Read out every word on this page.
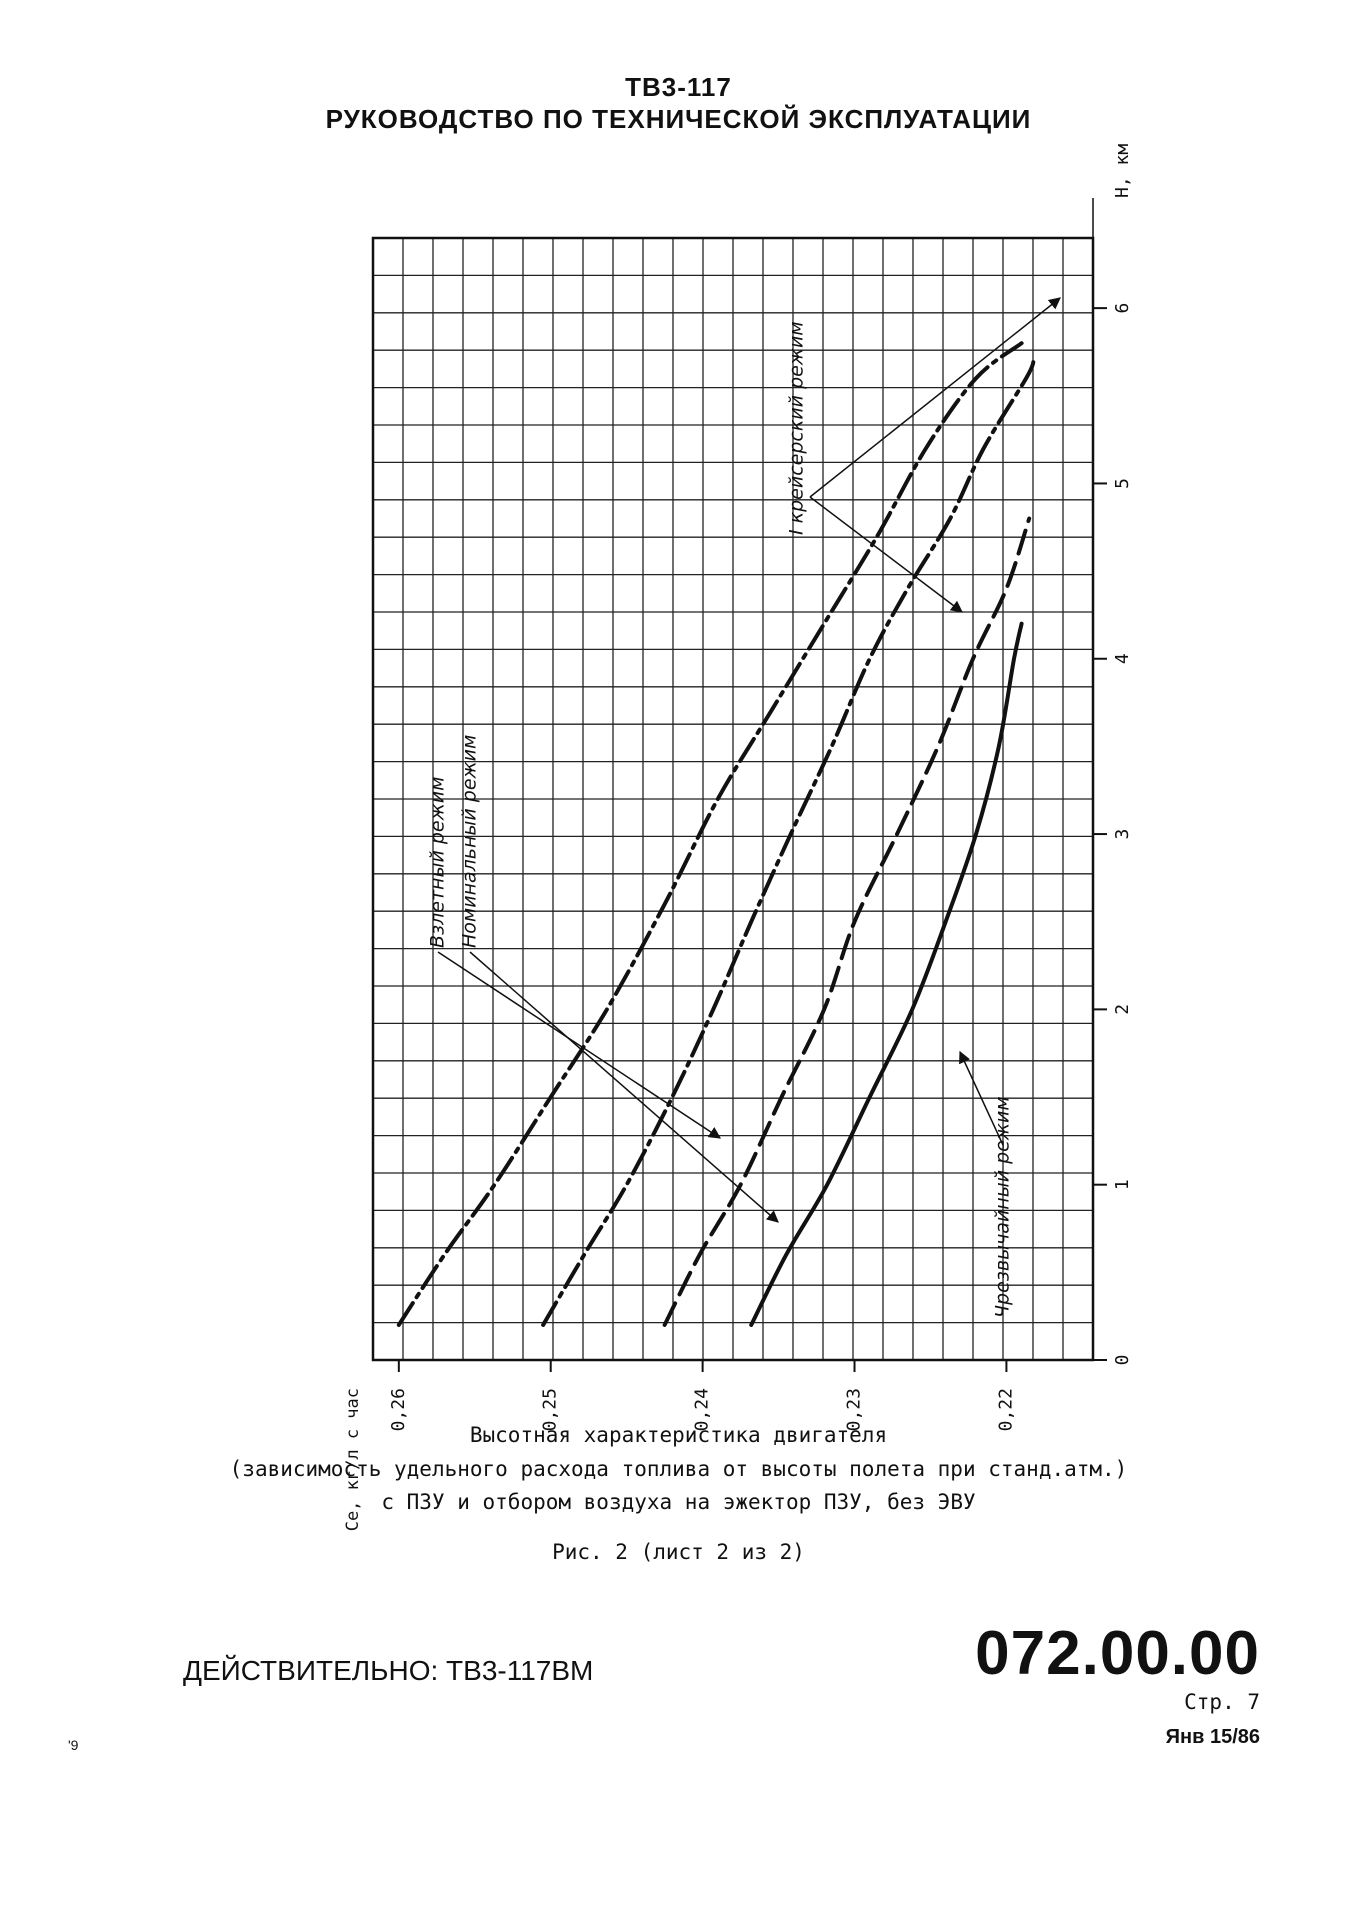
ТВ3-117
РУКОВОДСТВО ПО ТЕХНИЧЕСКОЙ ЭКСПЛУАТАЦИИ
0,26	0,25	0,24	0,23	0,22
Ce, кг/л с час
0
1
2
3
4
5
6
H, км
Взлетный режим Номинальный режим
I крейсерский режим
Чрезвычайный режим
Высотная характеристика двигателя
(зависимость удельного расхода топлива от высоты полета при станд.атм.)
с ПЗУ и отбором воздуха на эжектор ПЗУ, без ЭВУ
Рис. 2 (лист 2 из 2)
ДЕЙСТВИТЕЛЬНО: ТВ3-117ВМ	072.00.00
Стр. 7
Янв 15/86
'9
